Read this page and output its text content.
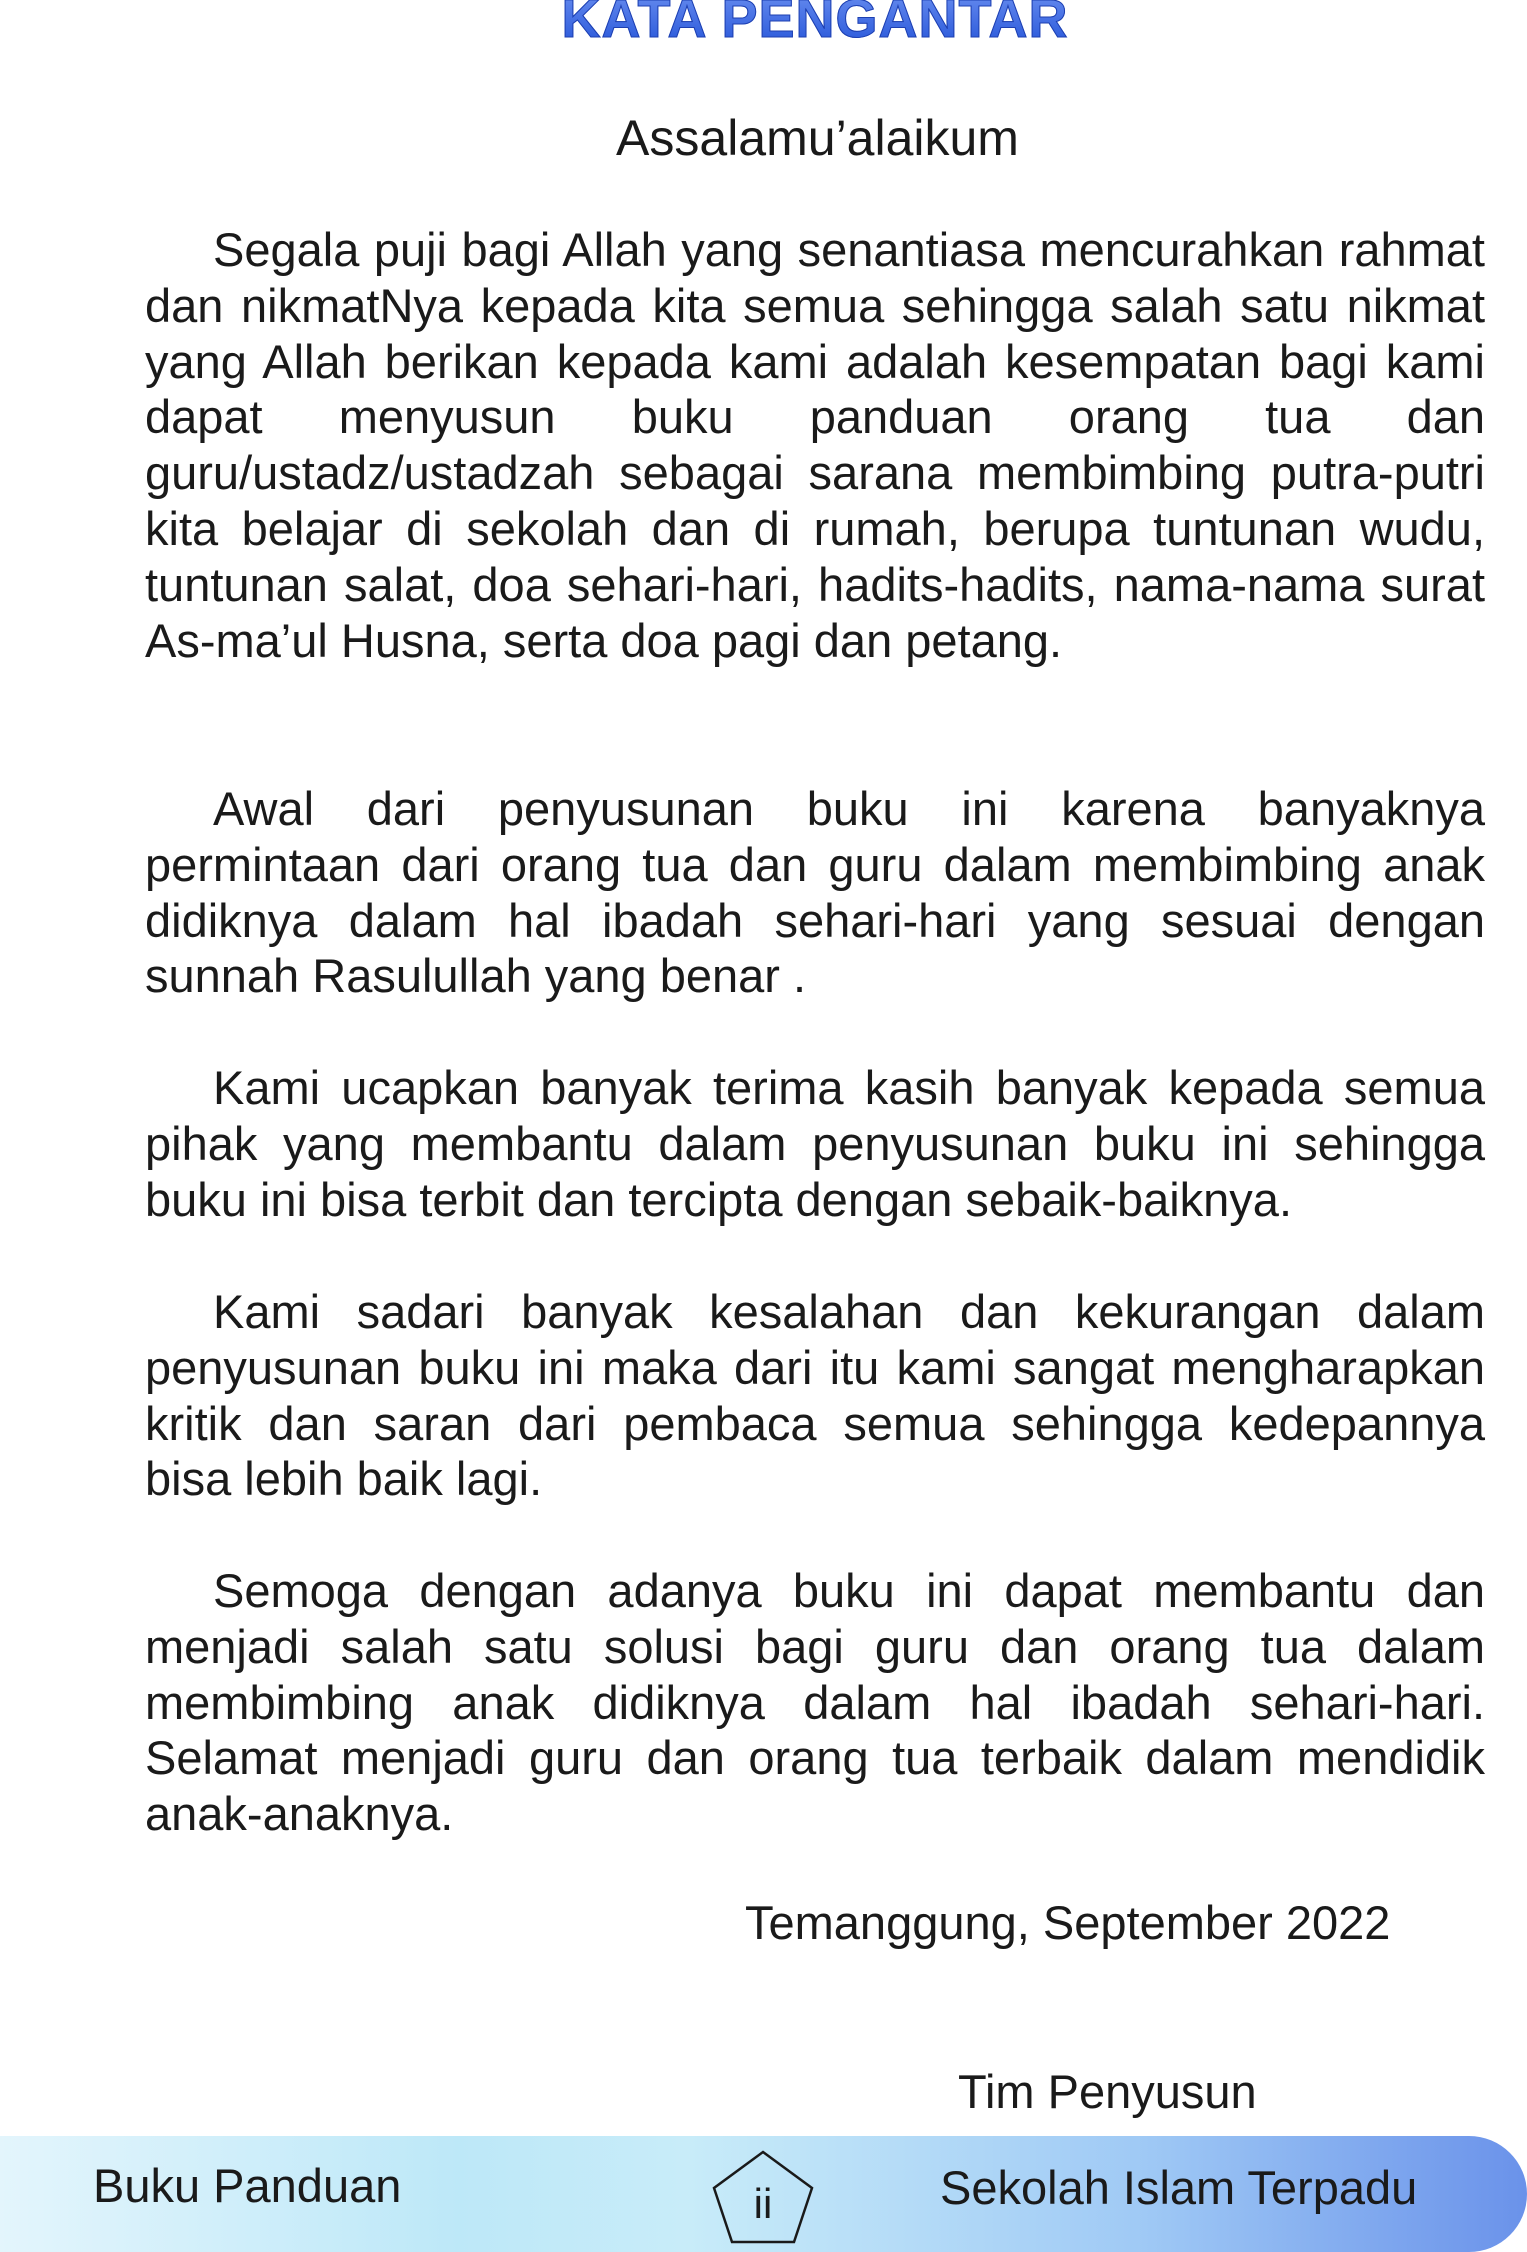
KATA PENGANTAR
Assalamu’alaikum
Segala puji bagi Allah yang senantiasa mencurahkan rahmat dan nikmatNya kepada kita semua sehingga salah satu nikmat yang Allah berikan kepada kami adalah kesempatan bagi kami dapat menyusun buku panduan orang tua dan guru/ustadz/ustadzah sebagai sarana membimbing putra-putri kita belajar di sekolah dan di rumah, berupa tuntunan wudu, tuntunan salat, doa sehari-hari, hadits-hadits, nama-nama surat As-ma’ul Husna, serta doa pagi dan petang.
Awal dari penyusunan buku ini karena banyaknya permintaan dari orang tua dan guru dalam membimbing anak didiknya dalam hal ibadah sehari-hari yang sesuai dengan sunnah Rasulullah yang benar .
Kami ucapkan banyak terima kasih banyak kepada semua pihak yang membantu dalam penyusunan buku ini sehingga buku ini bisa terbit dan tercipta dengan sebaik-baiknya.
Kami sadari banyak kesalahan dan kekurangan dalam penyusunan buku ini maka dari itu kami sangat mengharapkan kritik dan saran dari pembaca semua sehingga kedepannya bisa lebih baik lagi.
Semoga dengan adanya buku ini dapat membantu dan menjadi salah satu solusi bagi guru dan orang tua dalam membimbing anak didiknya dalam hal ibadah sehari-hari. Selamat menjadi guru dan orang tua terbaik dalam mendidik anak-anaknya.
Temanggung, September 2022
Tim Penyusun
Buku Panduan	Sekolah Islam Terpadu
ii
